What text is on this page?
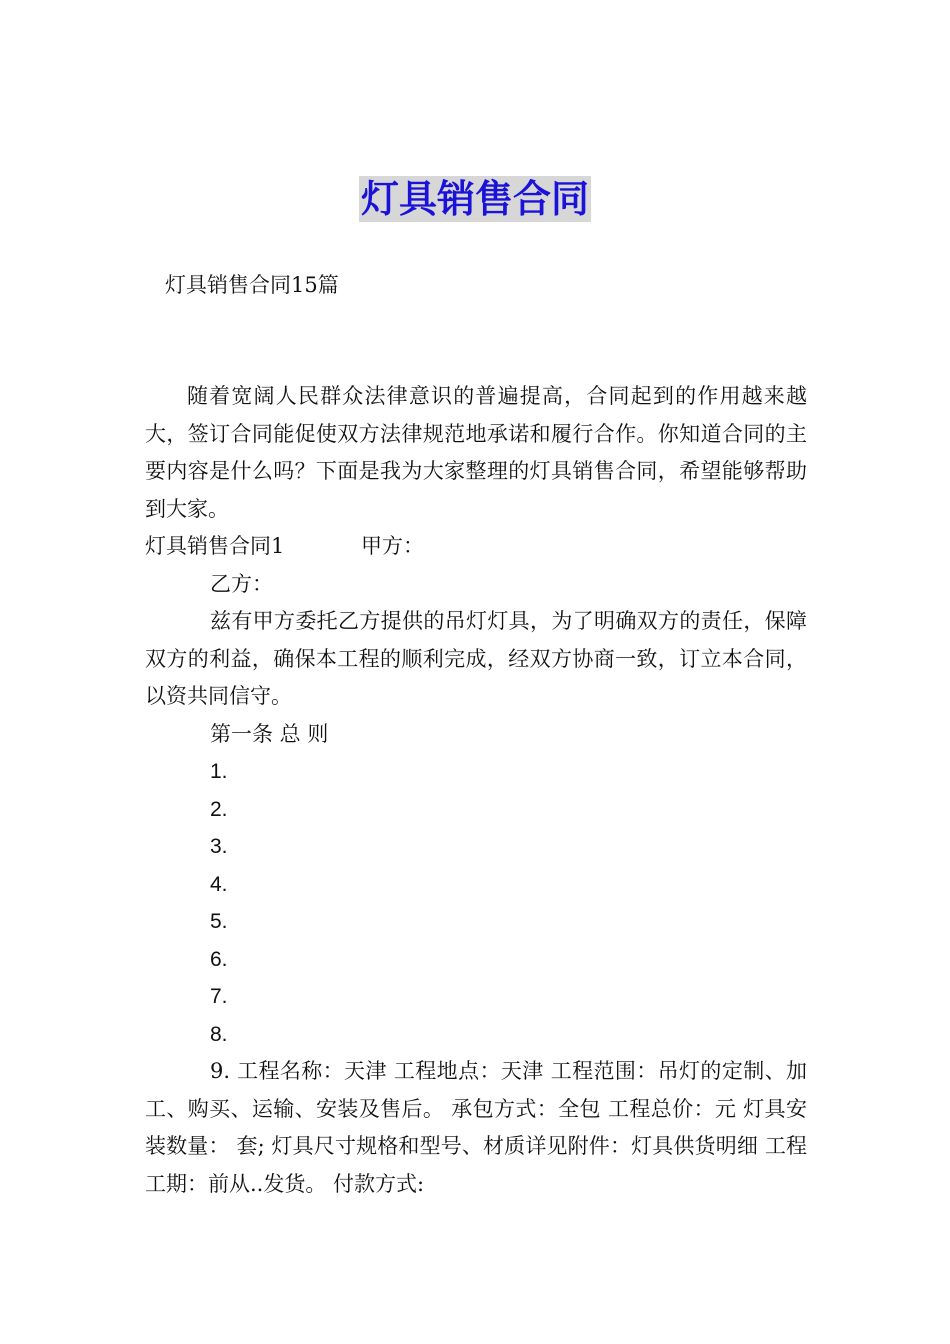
灯具销售合同
灯具销售合同15篇

随着宽阔人民群众法律意识的普遍提高，合同起到的作用越来越大，签订合同能促使双方法律规范地承诺和履行合作。你知道合同的主要内容是什么吗？下面是我为大家整理的灯具销售合同，希望能够帮助到大家。

灯具销售合同1	甲方：

乙方：

兹有甲方委托乙方提供的吊灯灯具，为了明确双方的责任，保障双方的利益，确保本工程的顺利完成，经双方协商一致，订立本合同，以资共同信守。

第一条 总 则

1.

2.

3.

4.

5.

6.

7.

8.

9. 工程名称：天津 工程地点：天津 工程范围：吊灯的定制、加工、购买、运输、安装及售后。 承包方式：全包 工程总价：元 灯具安装数量： 套; 灯具尺寸规格和型号、材质详见附件：灯具供货明细 工程工期：前从..发货。 付款方式:
